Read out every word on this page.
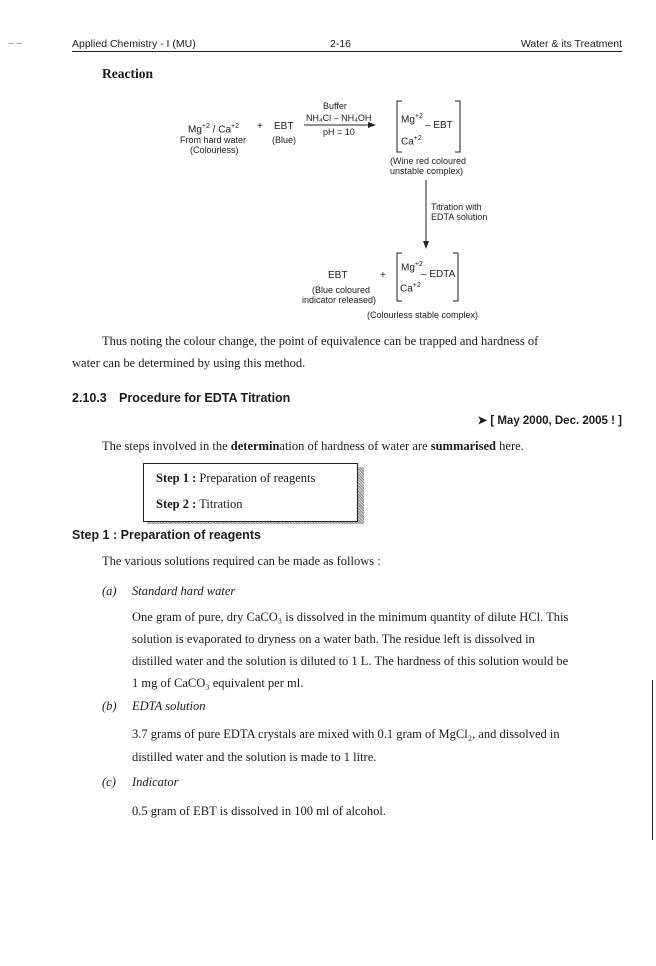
– –	Applied Chemistry - I (MU)	2-16	Water & its Treatment
Reaction
$Mg^{+2} / Ca^{+2}$
From hard water
(Colourless)
+ EBT
(Blue)
Buffer
NH₄Cl – NH₄OH
pH = 10
$Mg^{+2}$
$Ca^{+2}$
– EBT
(Wine red coloured
unstable complex)
Titration with
EDTA solution
EBT
(Blue coloured
indicator released)
+
$Mg^{+2}$
$Ca^{+2}$
– EDTA
(Colourless stable complex)
Thus noting the colour change, the point of equivalence can be trapped and hardness of
water can be determined by using this method.
2.10.3 Procedure for EDTA Titration
➤ [ May 2000, Dec. 2005 ! ]
The steps involved in the determination of hardness of water are summarised here.
Step 1 : Preparation of reagents
Step 2 : Titration
Step 1 : Preparation of reagents
The various solutions required can be made as follows :
(a) Standard hard water
One gram of pure, dry CaCO₃ is dissolved in the minimum quantity of dilute HCl. This
solution is evaporated to dryness on a water bath. The residue left is dissolved in
distilled water and the solution is diluted to 1 L. The hardness of this solution would be
1 mg of CaCO₃ equivalent per ml.
(b) EDTA solution
3.7 grams of pure EDTA crystals are mixed with 0.1 gram of MgCl₂, and dissolved in
distilled water and the solution is made to 1 litre.
(c) Indicator
0.5 gram of EBT is dissolved in 100 ml of alcohol.
